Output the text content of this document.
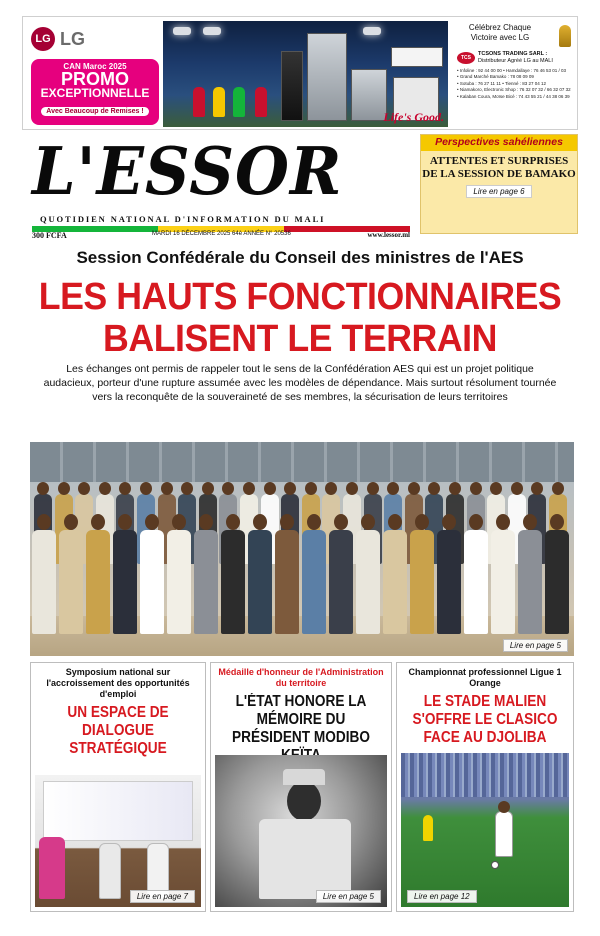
LG LG
CAN Maroc 2025
PROMO
EXCEPTIONNELLE
Avec Beaucoup de Remises !	Life's Good.
Célébrez Chaque Victoire avec LG
TCS
TCSONS TRADING SARL :
Distributeur Agréé LG au MALI
• Infoline : 92 44 00 00 • Hamdallaye : 76 46 53 01 / 03
• Grand Marché Bamako : 78 08 09 09
• Sotuba : 76 27 11 11 • Tienné : 83 27 04 12
• Niamakoro, Electronic Shop : 76 32 07 32 / 66 32 07 32
• Kalaban Coura, Moïse Bicé : 74 43 55 21 / 44 38 06 39
L'ESSOR
QUOTIDIEN NATIONAL D'INFORMATION DU MALI
300 FCFA	MARDI 16 DÉCEMBRE 2025 64è ANNÉE N° 20536	www.lessor.ml
Perspectives sahéliennes
ATTENTES ET SURPRISES DE LA SESSION DE BAMAKO
Lire en page 6
Session Confédérale du Conseil des ministres de l'AES
LES HAUTS FONCTIONNAIRES
BALISENT LE TERRAIN
Les échanges ont permis de rappeler tout le sens de la Confédération AES qui est un projet politique audacieux, porteur d'une rupture assumée avec les modèles de dépendance. Mais surtout résolument tournée vers la reconquête de la souveraineté de ses membres, la sécurisation de leurs territoires
Lire en page 5
Symposium national sur l'accroissement des opportunités d'emploi
UN ESPACE DE DIALOGUE STRATÉGIQUE
Lire en page 7
Médaille d'honneur de l'Administration du territoire
L'ÉTAT HONORE LA MÉMOIRE DU PRÉSIDENT MODIBO
Lire en page 5
Championnat professionnel Ligue 1 Orange
LE STADE MALIEN S'OFFRE LE CLASICO FACE AU DJOLIBA
Lire en page 12
